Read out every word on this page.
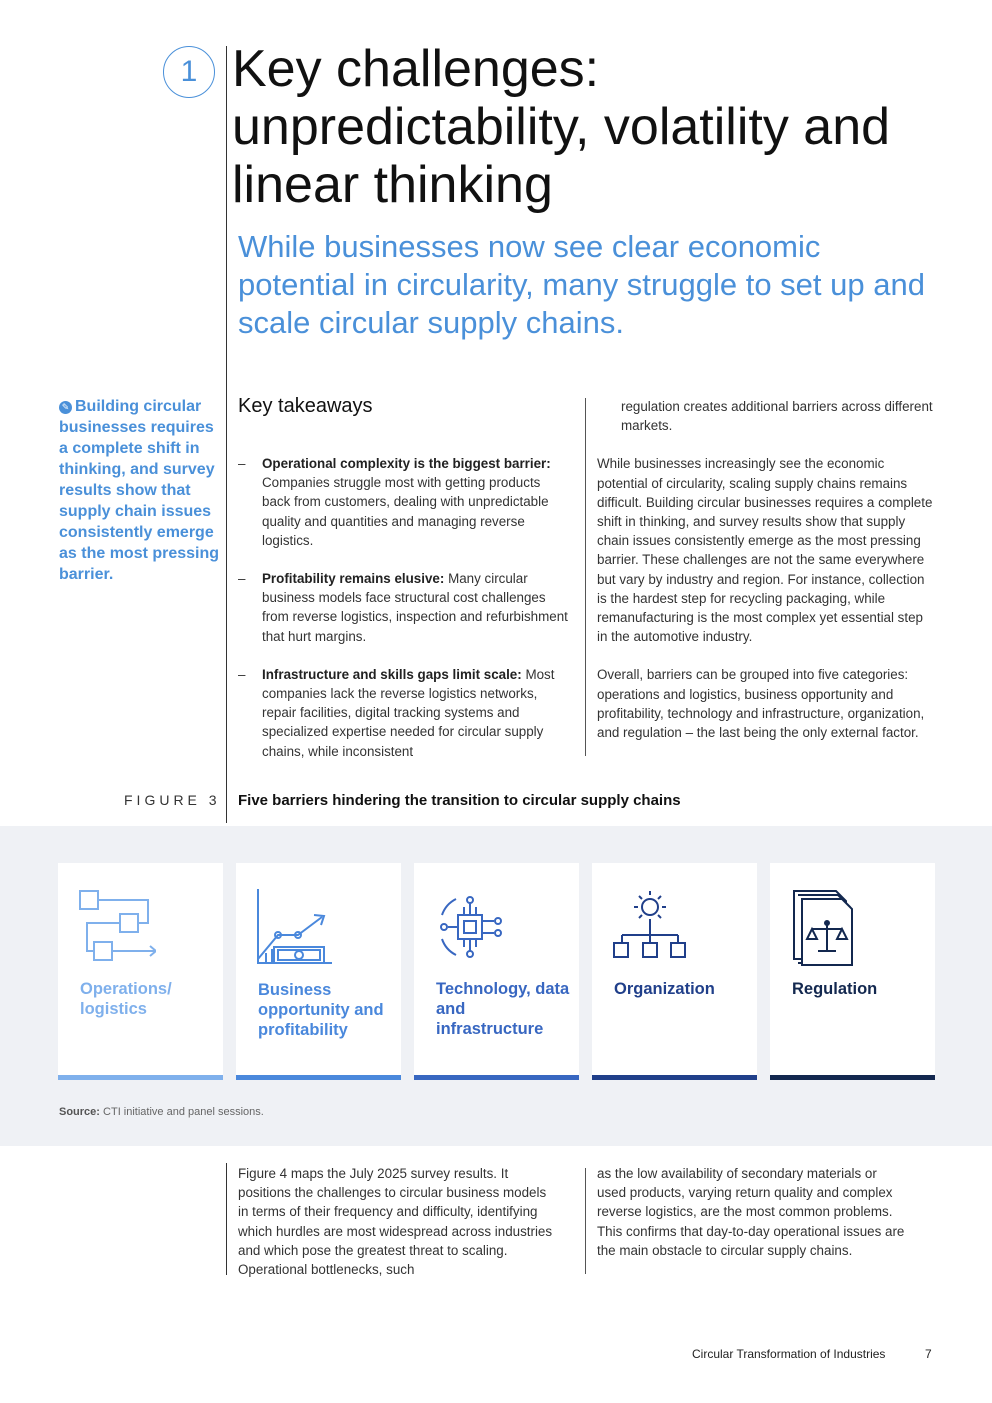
1 Key challenges: unpredictability, volatility and linear thinking

While businesses now see clear economic potential in circularity, many struggle to set up and scale circular supply chains.

✎ Building circular businesses requires a complete shift in thinking, and survey results show that supply chain issues consistently emerge as the most pressing barrier.
Key takeaways

– Operational complexity is the biggest barrier: Companies struggle most with getting products back from customers, dealing with unpredictable quality and quantities and managing reverse logistics.

– Profitability remains elusive: Many circular business models face structural cost challenges from reverse logistics, inspection and refurbishment that hurt margins.

– Infrastructure and skills gaps limit scale: Most companies lack the reverse logistics networks, repair facilities, digital tracking systems and specialized expertise needed for circular supply chains, while inconsistent

regulation creates additional barriers across different markets.

While businesses increasingly see the economic potential of circularity, scaling supply chains remains difficult. Building circular businesses requires a complete shift in thinking, and survey results show that supply chain issues consistently emerge as the most pressing barrier. These challenges are not the same everywhere but vary by industry and region. For instance, collection is the hardest step for recycling packaging, while remanufacturing is the most complex yet essential step in the automotive industry.

Overall, barriers can be grouped into five categories: operations and logistics, business opportunity and profitability, technology and infrastructure, organization, and regulation – the last being the only external factor.

FIGURE 3 Five barriers hindering the transition to circular supply chains
Operations/ logistics
Business opportunity and profitability
Technology, data and infrastructure
Organization	Regulation
Source: CTI initiative and panel sessions.
Figure 4 maps the July 2025 survey results. It positions the challenges to circular business models in terms of their frequency and difficulty, identifying which hurdles are most widespread across industries and which pose the greatest threat to scaling. Operational bottlenecks, such
as the low availability of secondary materials or used products, varying return quality and complex reverse logistics, are the most common problems. This confirms that day-to-day operational issues are the main obstacle to circular supply chains.
Circular Transformation of Industries	7
